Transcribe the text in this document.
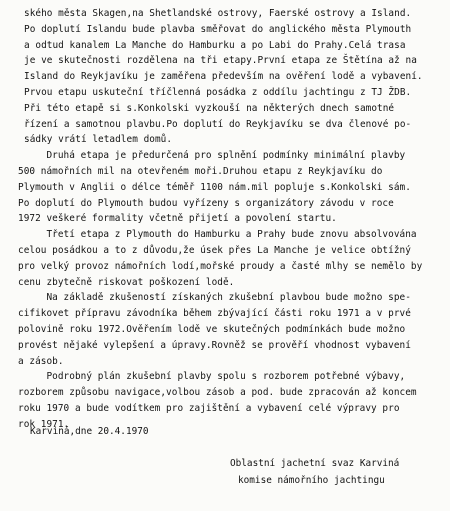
ského města Skagen,na Shetlandské ostrovy, Faerské ostrovy a Island.
Po doplutí Islandu bude plavba směřovat do anglického města Plymouth
a odtud kanalem La Manche do Hamburku a po Labi do Prahy.Celá trasa
je ve skutečnosti rozdělena na tři etapy.První etapa ze Štětína až na
Island do Reykjavíku je zaměřena především na ověření lodě a vybavení.
Prvou etapu uskuteční tříčlenná posádka z oddílu jachtingu z TJ ŽDB.
Při této etapě si s.Konkolski vyzkouší na některých dnech samotné
řízení a samotnou plavbu.Po doplutí do Reykjavíku se dva členové po-
sádky vrátí letadlem domů.
Druhá etapa je předurčená pro splnění podmínky minimální plavby
500 námořních mil na otevřeném moři.Druhou etapu z Reykjavíku do
Plymouth v Anglii o délce téměř 1100 nám.mil popluje s.Konkolski sám.
Po doplutí do Plymouth budou vyřízeny s organizátory závodu v roce
1972 veškeré formality včetně přijetí a povolení startu.
Třetí etapa z Plymouth do Hamburku a Prahy bude znovu absolvována
celou posádkou a to z důvodu,že úsek přes La Manche je velice obtížný
pro velký provoz námořních lodí,mořské proudy a časté mlhy se nemělo by
cenu zbytečně riskovat poškození lodě.
Na základě zkušeností získaných zkušební plavbou bude možno spe-
cifikovet přípravu závodníka během zbývající části roku 1971 a v prvé
polovině roku 1972.Ověřením lodě ve skutečných podmínkách bude možno
provést nějaké vylepšení a úpravy.Rovněž se prověří vhodnost vybavení
a zásob.
Podrobný plán zkušební plavby spolu s rozborem potřebné výbavy,
rozborem způsobu navigace,volbou zásob a pod. bude zpracován až koncem
roku 1970 a bude vodítkem pro zajištění a vybavení celé výpravy pro
rok 1971.
Karviná,dne 20.4.1970
Oblastní jachetní svaz Karviná
komise námořního jachtingu
